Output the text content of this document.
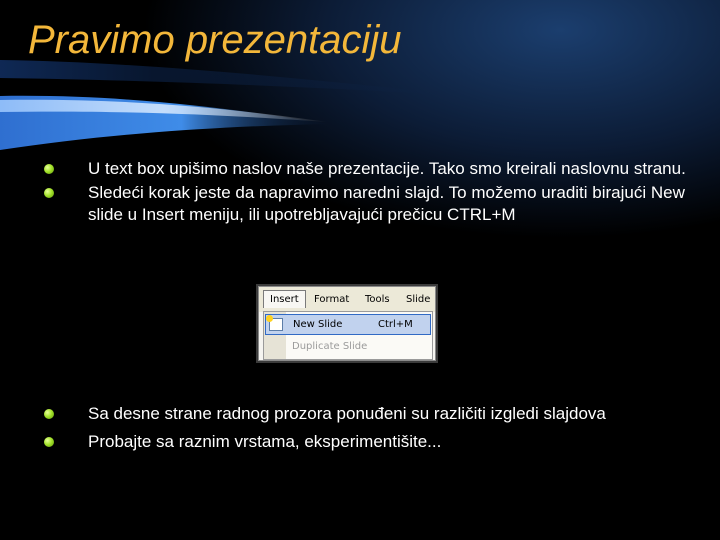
Pravimo prezentaciju
U text box upišimo naslov naše prezentacije. Tako smo kreirali naslovnu stranu.
Sledeći korak jeste da napravimo naredni slajd. To možemo uraditi birajući New slide u Insert meniju, ili upotrebljavajući prečicu CTRL+M
Insert	Format Tools Slide
New Slide	Ctrl+M
Duplicate Slide
Sa desne strane radnog prozora ponuđeni su različiti izgledi slajdova
Probajte sa raznim vrstama, eksperimentišite...
